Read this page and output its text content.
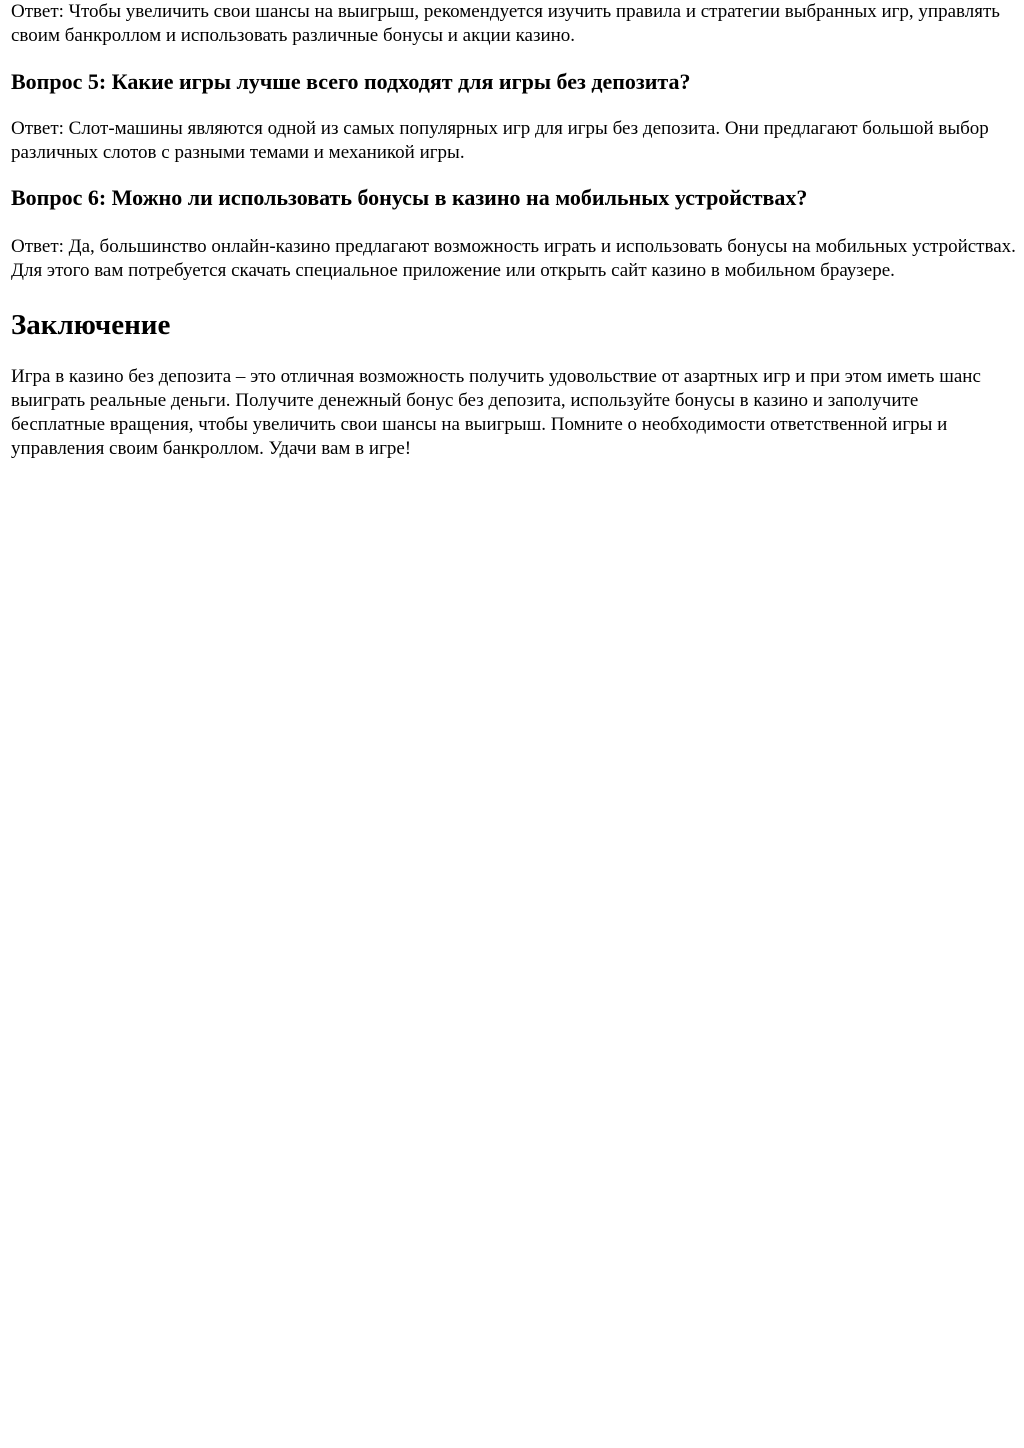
Ответ: Чтобы увеличить свои шансы на выигрыш, рекомендуется изучить правила и стратегии выбранных игр, управлять своим банкроллом и использовать различные бонусы и акции казино.

Вопрос 5: Какие игры лучше всего подходят для игры без депозита?

Ответ: Слот-машины являются одной из самых популярных игр для игры без депозита. Они предлагают большой выбор различных слотов с разными темами и механикой игры.

Вопрос 6: Можно ли использовать бонусы в казино на мобильных устройствах?

Ответ: Да, большинство онлайн-казино предлагают возможность играть и использовать бонусы на мобильных устройствах. Для этого вам потребуется скачать специальное приложение или открыть сайт казино в мобильном браузере.

Заключение

Игра в казино без депозита – это отличная возможность получить удовольствие от азартных игр и при этом иметь шанс выиграть реальные деньги. Получите денежный бонус без депозита, используйте бонусы в казино и заполучите бесплатные вращения, чтобы увеличить свои шансы на выигрыш. Помните о необходимости ответственной игры и управления своим банкроллом. Удачи вам в игре!
